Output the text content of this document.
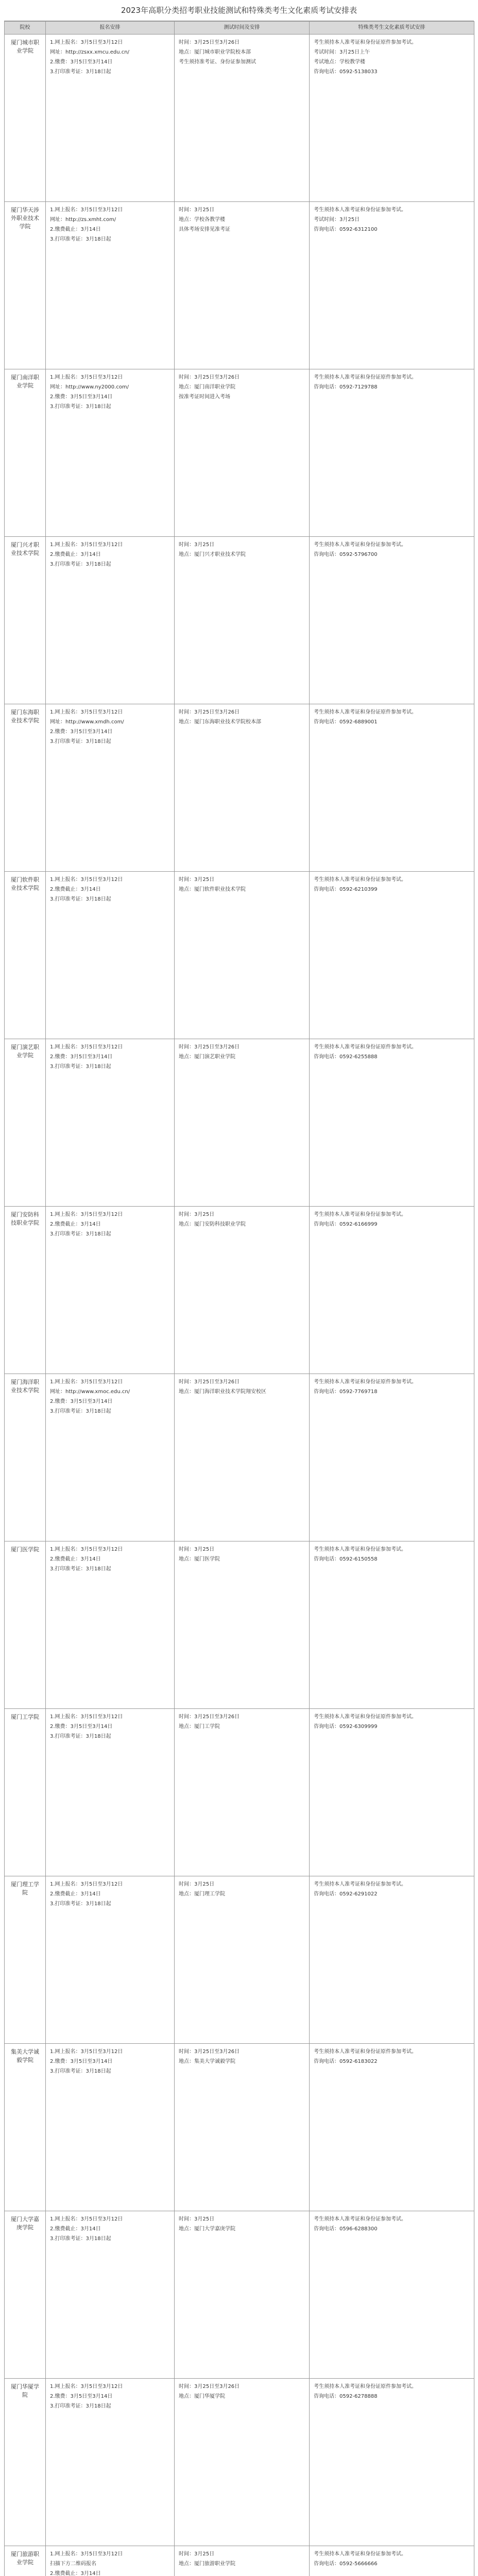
2023年高职分类招考职业技能测试和特殊类考生文化素质考试安排表
院校	报名安排	测试时间及安排	特殊类考生文化素质考试安排
厦门城市职业学院	1.网上报名：3月5日至3月12日
网址：http://zsxx.xmcu.edu.cn/
2.缴费：3月5日至3月14日
3.打印准考证：3月18日起	时间：3月25日至3月26日
地点：厦门城市职业学院校本部
考生须持准考证、身份证参加测试	考生须持本人准考证和身份证原件参加考试。
考试时间：3月25日上午
考试地点：学校教学楼
咨询电话：0592-5138033

厦门华天涉外职业技术学院	1.网上报名：3月5日至3月12日
网址：http://zs.xmht.com/
2.缴费截止：3月14日
3.打印准考证：3月18日起	时间：3月25日
地点：学校各教学楼
具体考场安排见准考证	考生须持本人准考证和身份证参加考试。
考试时间：3月25日
咨询电话：0592-6312100

厦门南洋职业学院	1.网上报名：3月5日至3月12日
网址：http://www.ny2000.com/
2.缴费：3月5日至3月14日
3.打印准考证：3月18日起	时间：3月25日至3月26日
地点：厦门南洋职业学院
按准考证时间进入考场	考生须持本人准考证和身份证原件参加考试。
咨询电话：0592-7129788

厦门兴才职业技术学院	1.网上报名：3月5日至3月12日
2.缴费截止：3月14日
3.打印准考证：3月18日起	时间：3月25日
地点：厦门兴才职业技术学院	考生须持本人准考证和身份证参加考试。
咨询电话：0592-5796700

厦门东海职业技术学院	1.网上报名：3月5日至3月12日
网址：http://www.xmdh.com/
2.缴费：3月5日至3月14日
3.打印准考证：3月18日起	时间：3月25日至3月26日
地点：厦门东海职业技术学院校本部	考生须持本人准考证和身份证原件参加考试。
咨询电话：0592-6889001

厦门软件职业技术学院	1.网上报名：3月5日至3月12日
2.缴费截止：3月14日
3.打印准考证：3月18日起	时间：3月25日
地点：厦门软件职业技术学院	考生须持本人准考证和身份证参加考试。
咨询电话：0592-6210399

厦门演艺职业学院	1.网上报名：3月5日至3月12日
2.缴费：3月5日至3月14日
3.打印准考证：3月18日起	时间：3月25日至3月26日
地点：厦门演艺职业学院	考生须持本人准考证和身份证原件参加考试。
咨询电话：0592-6255888

厦门安防科技职业学院	1.网上报名：3月5日至3月12日
2.缴费截止：3月14日
3.打印准考证：3月18日起	时间：3月25日
地点：厦门安防科技职业学院	考生须持本人准考证和身份证参加考试。
咨询电话：0592-6166999

厦门海洋职业技术学院	1.网上报名：3月5日至3月12日
网址：http://www.xmoc.edu.cn/
2.缴费：3月5日至3月14日
3.打印准考证：3月18日起	时间：3月25日至3月26日
地点：厦门海洋职业技术学院翔安校区	考生须持本人准考证和身份证原件参加考试。
咨询电话：0592-7769718

厦门医学院	1.网上报名：3月5日至3月12日
2.缴费截止：3月14日
3.打印准考证：3月18日起	时间：3月25日
地点：厦门医学院	考生须持本人准考证和身份证参加考试。
咨询电话：0592-6150558

厦门工学院	1.网上报名：3月5日至3月12日
2.缴费：3月5日至3月14日
3.打印准考证：3月18日起	时间：3月25日至3月26日
地点：厦门工学院	考生须持本人准考证和身份证原件参加考试。
咨询电话：0592-6309999

厦门理工学院	1.网上报名：3月5日至3月12日
2.缴费截止：3月14日
3.打印准考证：3月18日起	时间：3月25日
地点：厦门理工学院	考生须持本人准考证和身份证参加考试。
咨询电话：0592-6291022

集美大学诚毅学院	1.网上报名：3月5日至3月12日
2.缴费：3月5日至3月14日
3.打印准考证：3月18日起	时间：3月25日至3月26日
地点：集美大学诚毅学院	考生须持本人准考证和身份证原件参加考试。
咨询电话：0592-6183022

厦门大学嘉庚学院	1.网上报名：3月5日至3月12日
2.缴费截止：3月14日
3.打印准考证：3月18日起	时间：3月25日
地点：厦门大学嘉庚学院	考生须持本人准考证和身份证参加考试。
咨询电话：0596-6288300

厦门华厦学院	1.网上报名：3月5日至3月12日
2.缴费：3月5日至3月14日
3.打印准考证：3月18日起	时间：3月25日至3月26日
地点：厦门华厦学院	考生须持本人准考证和身份证原件参加考试。
咨询电话：0592-6278888

厦门旅游职业学院	1.网上报名：3月5日至3月12日
扫描下方二维码报名
2.缴费截止：3月14日	时间：3月25日
地点：厦门旅游职业学院	考生须持本人准考证和身份证参加考试。
咨询电话：0592-5666666
